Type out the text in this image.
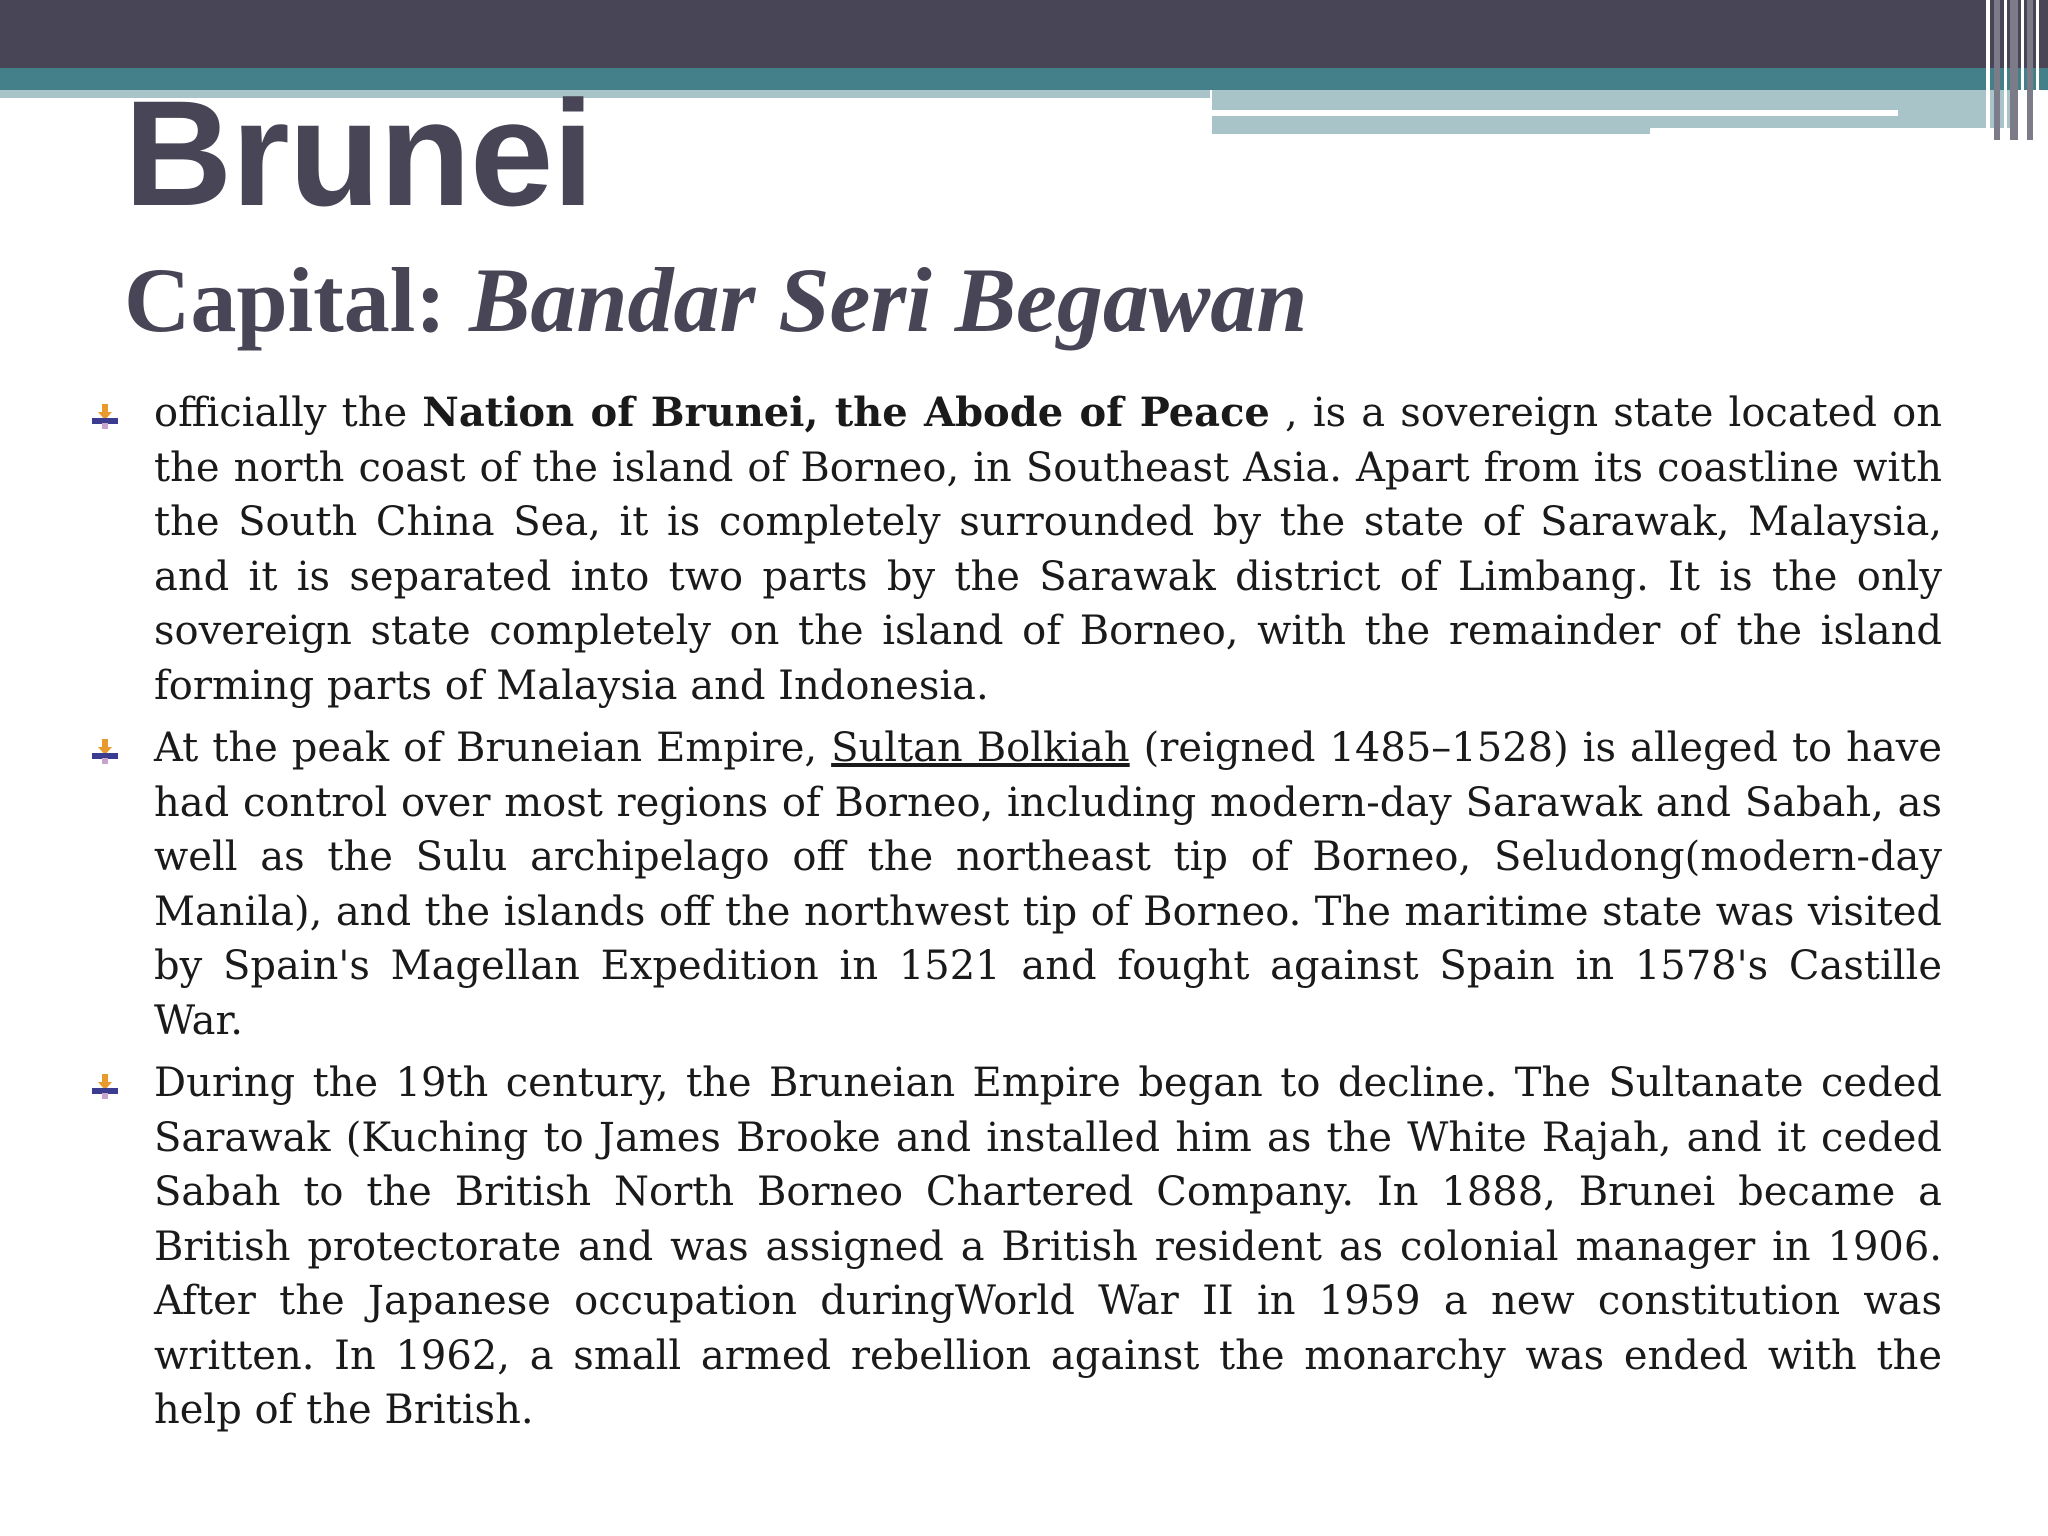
Brunei
Capital: Bandar Seri Begawan
officially the Nation of Brunei, the Abode of Peace , is a sovereign state located on the north coast of the island of Borneo, in Southeast Asia. Apart from its coastline with the South China Sea, it is completely surrounded by the state of Sarawak, Malaysia, and it is separated into two parts by the Sarawak district of Limbang. It is the only sovereign state completely on the island of Borneo, with the remainder of the island forming parts of Malaysia and Indonesia.
At the peak of Bruneian Empire, Sultan Bolkiah (reigned 1485–1528) is alleged to have had control over most regions of Borneo, including modern-day Sarawak and Sabah, as well as the Sulu archipelago off the northeast tip of Borneo, Seludong(modern-day Manila), and the islands off the northwest tip of Borneo. The maritime state was visited by Spain's Magellan Expedition in 1521 and fought against Spain in 1578's Castille War.
During the 19th century, the Bruneian Empire began to decline. The Sultanate ceded Sarawak (Kuching to James Brooke and installed him as the White Rajah, and it ceded Sabah to the British North Borneo Chartered Company. In 1888, Brunei became a British protectorate and was assigned a British resident as colonial manager in 1906. After the Japanese occupation duringWorld War II in 1959 a new constitution was written. In 1962, a small armed rebellion against the monarchy was ended with the help of the British.
